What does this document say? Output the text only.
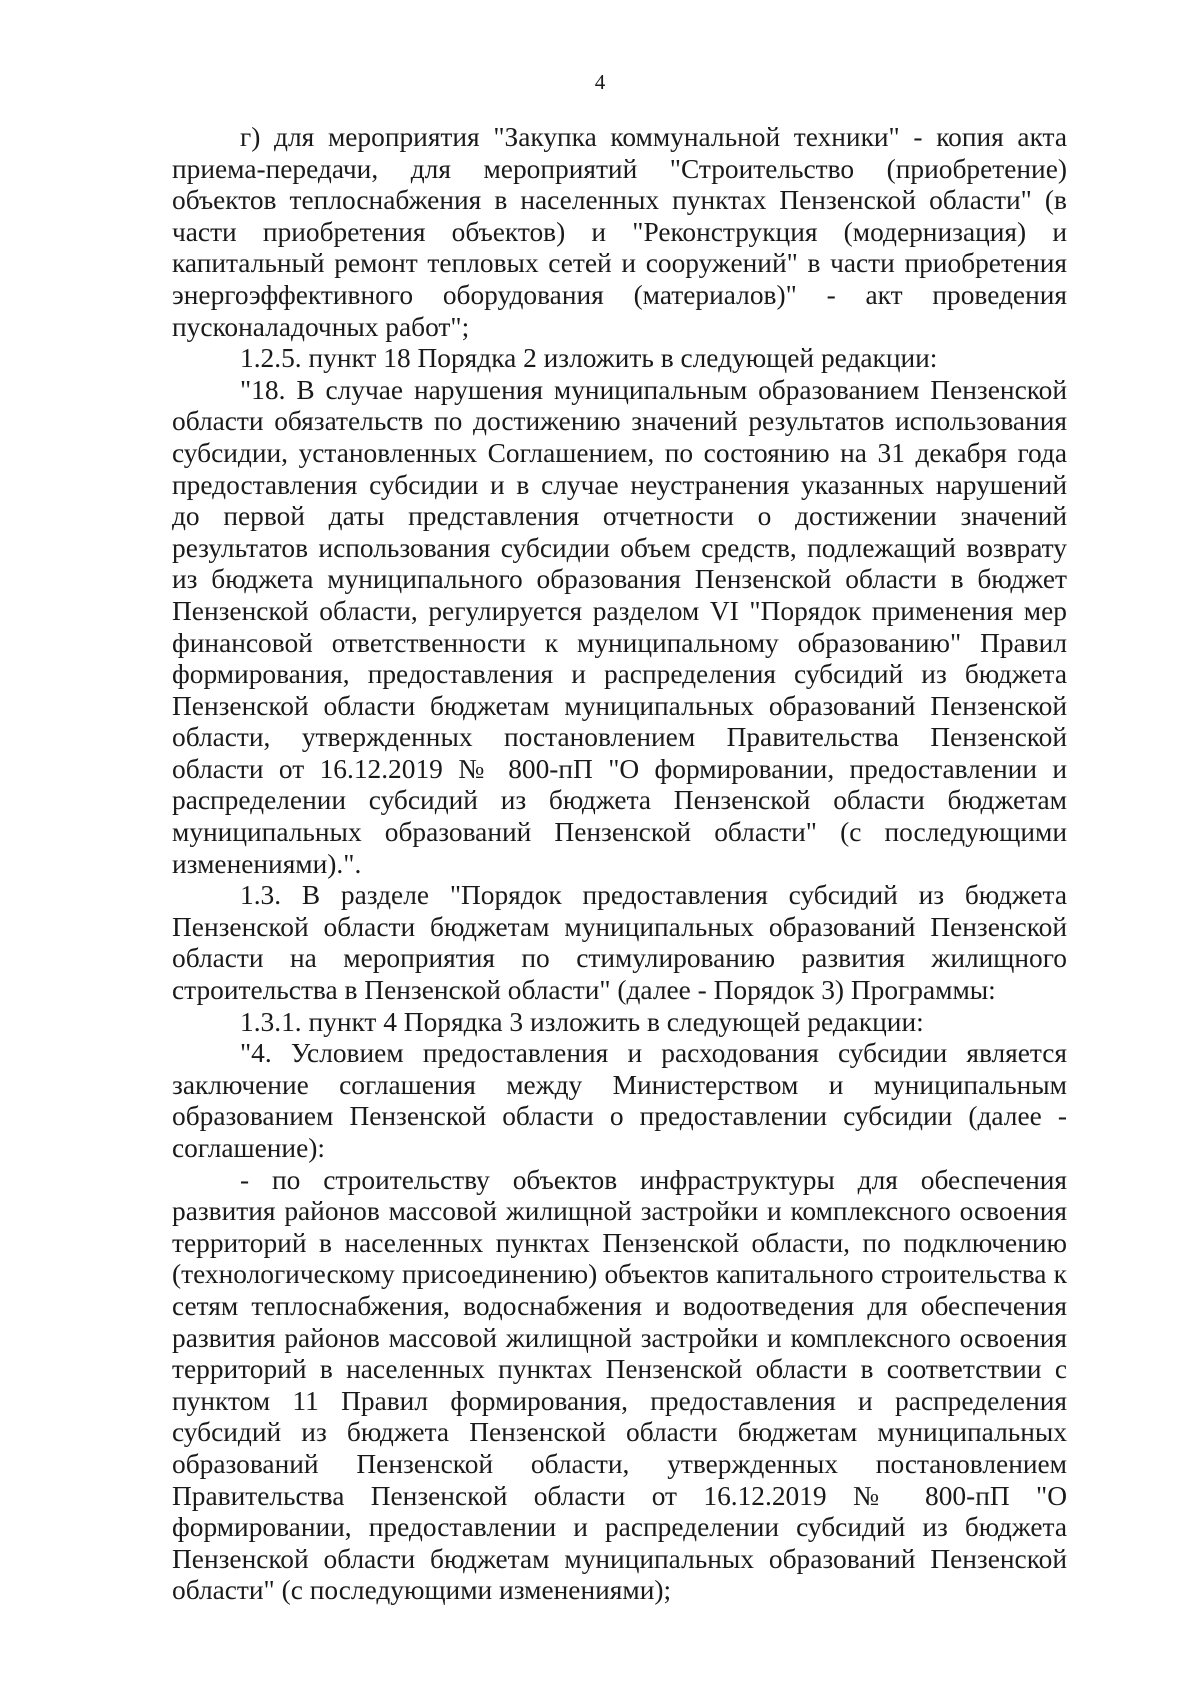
4

г) для мероприятия "Закупка коммунальной техники" - копия акта приема-передачи, для мероприятий "Строительство (приобретение) объектов теплоснабжения в населенных пунктах Пензенской области" (в части приобретения объектов) и "Реконструкция (модернизация) и капитальный ремонт тепловых сетей и сооружений" в части приобретения энергоэффективного оборудования (материалов)" - акт проведения пусконаладочных работ";

1.2.5. пункт 18 Порядка 2 изложить в следующей редакции:

"18. В случае нарушения муниципальным образованием Пензенской области обязательств по достижению значений результатов использования субсидии, установленных Соглашением, по состоянию на 31 декабря года предоставления субсидии и в случае неустранения указанных нарушений до первой даты представления отчетности о достижении значений результатов использования субсидии объем средств, подлежащий возврату из бюджета муниципального образования Пензенской области в бюджет Пензенской области, регулируется разделом VI "Порядок применения мер финансовой ответственности к муниципальному образованию" Правил формирования, предоставления и распределения субсидий из бюджета Пензенской области бюджетам муниципальных образований Пензенской области, утвержденных постановлением Правительства Пензенской области от 16.12.2019 № 800-пП "О формировании, предоставлении и распределении субсидий из бюджета Пензенской области бюджетам муниципальных образований Пензенской области" (с последующими изменениями).".

1.3. В разделе "Порядок предоставления субсидий из бюджета Пензенской области бюджетам муниципальных образований Пензенской области на мероприятия по стимулированию развития жилищного строительства в Пензенской области" (далее - Порядок 3) Программы:

1.3.1. пункт 4 Порядка 3 изложить в следующей редакции:

"4. Условием предоставления и расходования субсидии является заключение соглашения между Министерством и муниципальным образованием Пензенской области о предоставлении субсидии (далее - соглашение):

- по строительству объектов инфраструктуры для обеспечения развития районов массовой жилищной застройки и комплексного освоения территорий в населенных пунктах Пензенской области, по подключению (технологическому присоединению) объектов капитального строительства к сетям теплоснабжения, водоснабжения и водоотведения для обеспечения развития районов массовой жилищной застройки и комплексного освоения территорий в населенных пунктах Пензенской области в соответствии с пунктом 11 Правил формирования, предоставления и распределения субсидий из бюджета Пензенской области бюджетам муниципальных образований Пензенской области, утвержденных постановлением Правительства Пензенской области от 16.12.2019 № 800-пП "О формировании, предоставлении и распределении субсидий из бюджета Пензенской области бюджетам муниципальных образований Пензенской области" (с последующими изменениями);
